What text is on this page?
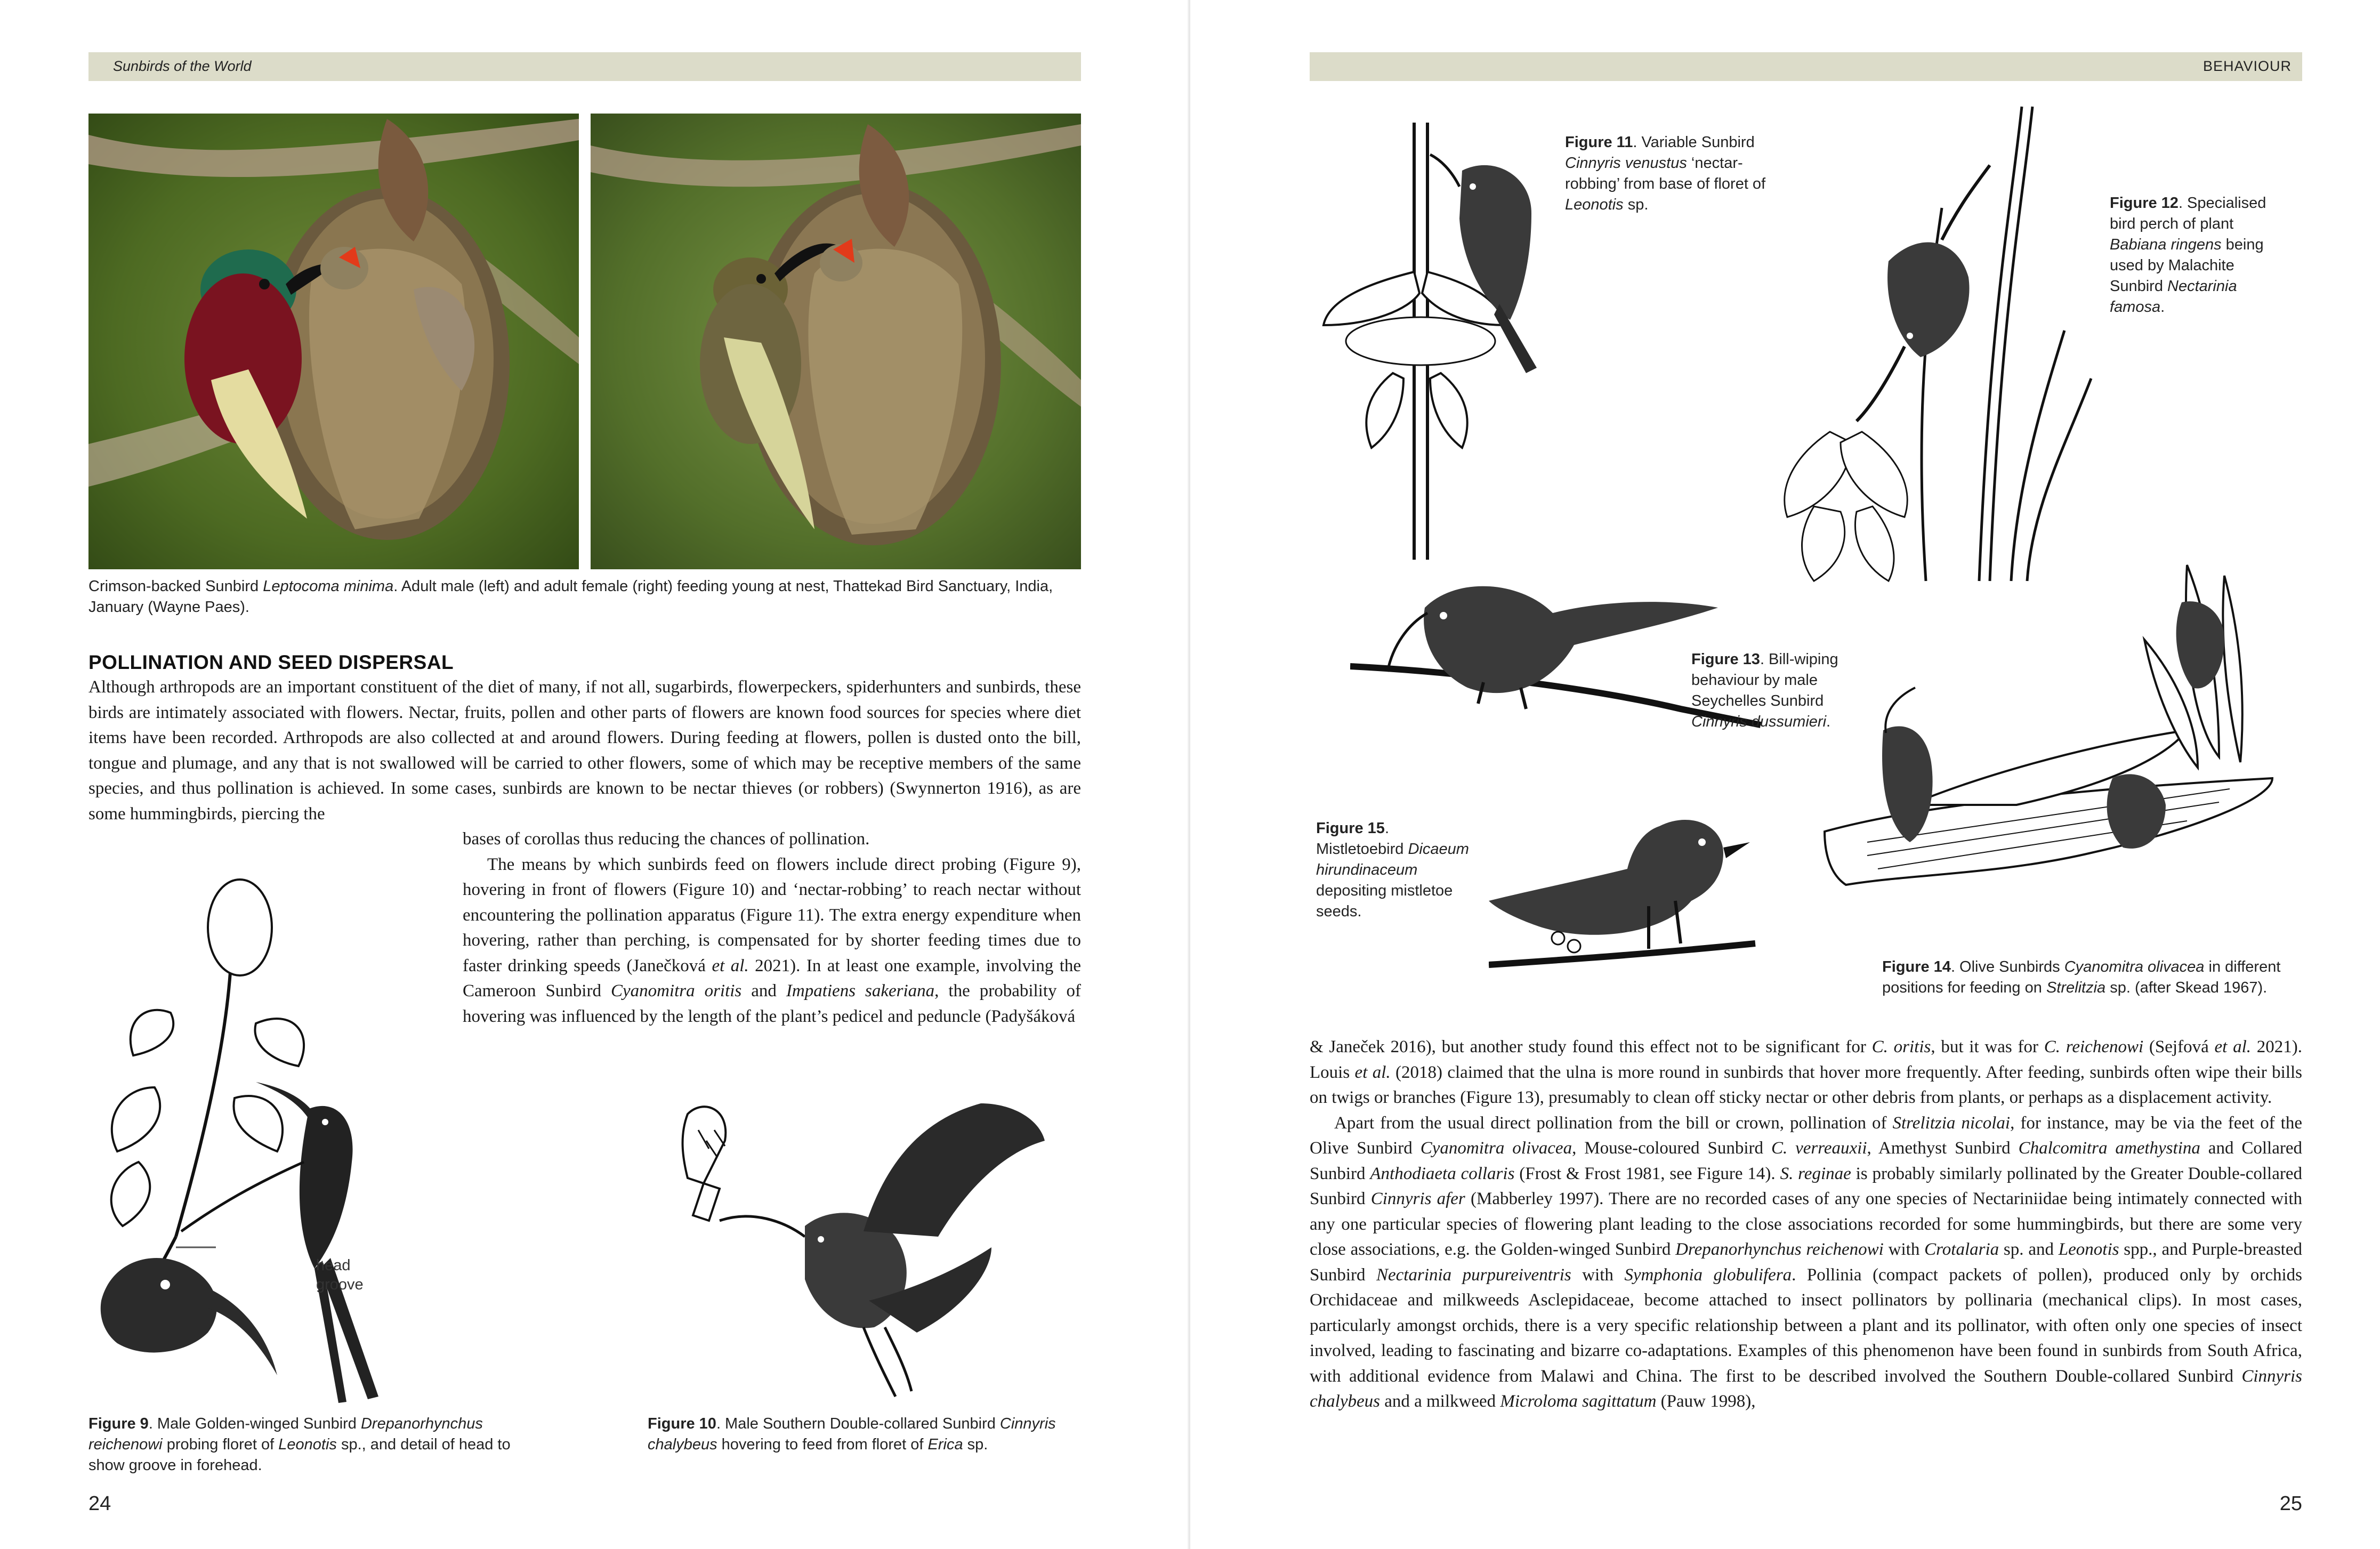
Sunbirds of the World
Crimson-backed Sunbird Leptocoma minima. Adult male (left) and adult female (right) feeding young at nest, Thattekad Bird Sanctuary, India, January (Wayne Paes).
POLLINATION AND SEED DISPERSAL

Although arthropods are an important constituent of the diet of many, if not all, sugarbirds, flowerpeckers, spiderhunters and sunbirds, these birds are intimately associated with flowers. Nectar, fruits, pollen and other parts of flowers are known food sources for species where diet items have been recorded. Arthropods are also collected at and around flowers. During feeding at flowers, pollen is dusted onto the bill, tongue and plumage, and any that is not swallowed will be carried to other flowers, some of which may be receptive members of the same species, and thus pollination is achieved. In some cases, sunbirds are known to be nectar thieves (or robbers) (Swynnerton 1916), as are some hummingbirds, piercing the

bases of corollas thus reducing the chances of pollination.

The means by which sunbirds feed on flowers include direct probing (Figure 9), hovering in front of flowers (Figure 10) and ‘nectar-robbing’ to reach nectar without encountering the pollination apparatus (Figure 11). The extra energy expenditure when hovering, rather than perching, is compensated for by shorter feeding times due to faster drinking speeds (Janečková et al. 2021). In at least one example, involving the Cameroon Sunbird Cyanomitra oritis and Impatiens sakeriana, the probability of hovering was influenced by the length of the plant’s pedicel and peduncle (Padyšáková

head
groove
Figure 9. Male Golden-winged Sunbird Drepanorhynchus reichenowi probing floret of Leonotis sp., and detail of head to show groove in forehead.
Figure 10. Male Southern Double-collared Sunbird Cinnyris chalybeus hovering to feed from floret of Erica sp.
24
BEHAVIOUR
Figure 11. Variable Sunbird Cinnyris venustus ‘nectar-robbing’ from base of floret of Leonotis sp.	Figure 12. Specialised bird perch of plant Babiana ringens being used by Malachite Sunbird Nectarinia famosa.
Figure 13. Bill-wiping behaviour by male Seychelles Sunbird Cinnyris dussumieri.
Figure 14. Olive Sunbirds Cyanomitra olivacea in different positions for feeding on Strelitzia sp. (after Skead 1967).
Figure 15. Mistletoebird Dicaeum hirundinaceum depositing mistletoe seeds.

& Janeček 2016), but another study found this effect not to be significant for C. oritis, but it was for C. reichenowi (Sejfová et al. 2021). Louis et al. (2018) claimed that the ulna is more round in sunbirds that hover more frequently. After feeding, sunbirds often wipe their bills on twigs or branches (Figure 13), presumably to clean off sticky nectar or other debris from plants, or perhaps as a displacement activity.

Apart from the usual direct pollination from the bill or crown, pollination of Strelitzia nicolai, for instance, may be via the feet of the Olive Sunbird Cyanomitra olivacea, Mouse-coloured Sunbird C. verreauxii, Amethyst Sunbird Chalcomitra amethystina and Collared Sunbird Anthodiaeta collaris (Frost & Frost 1981, see Figure 14). S. reginae is probably similarly pollinated by the Greater Double-collared Sunbird Cinnyris afer (Mabberley 1997). There are no recorded cases of any one species of Nectariniidae being intimately connected with any one particular species of flowering plant leading to the close associations recorded for some hummingbirds, but there are some very close associations, e.g. the Golden-winged Sunbird Drepanorhynchus reichenowi with Crotalaria sp. and Leonotis spp., and Purple-breasted Sunbird Nectarinia purpureiventris with Symphonia globulifera. Pollinia (compact packets of pollen), produced only by orchids Orchidaceae and milkweeds Asclepidaceae, become attached to insect pollinators by pollinaria (mechanical clips). In most cases, particularly amongst orchids, there is a very specific relationship between a plant and its pollinator, with often only one species of insect involved, leading to fascinating and bizarre co-adaptations. Examples of this phenomenon have been found in sunbirds from South Africa, with additional evidence from Malawi and China. The first to be described involved the Southern Double-collared Sunbird Cinnyris chalybeus and a milkweed Microloma sagittatum (Pauw 1998),

25
